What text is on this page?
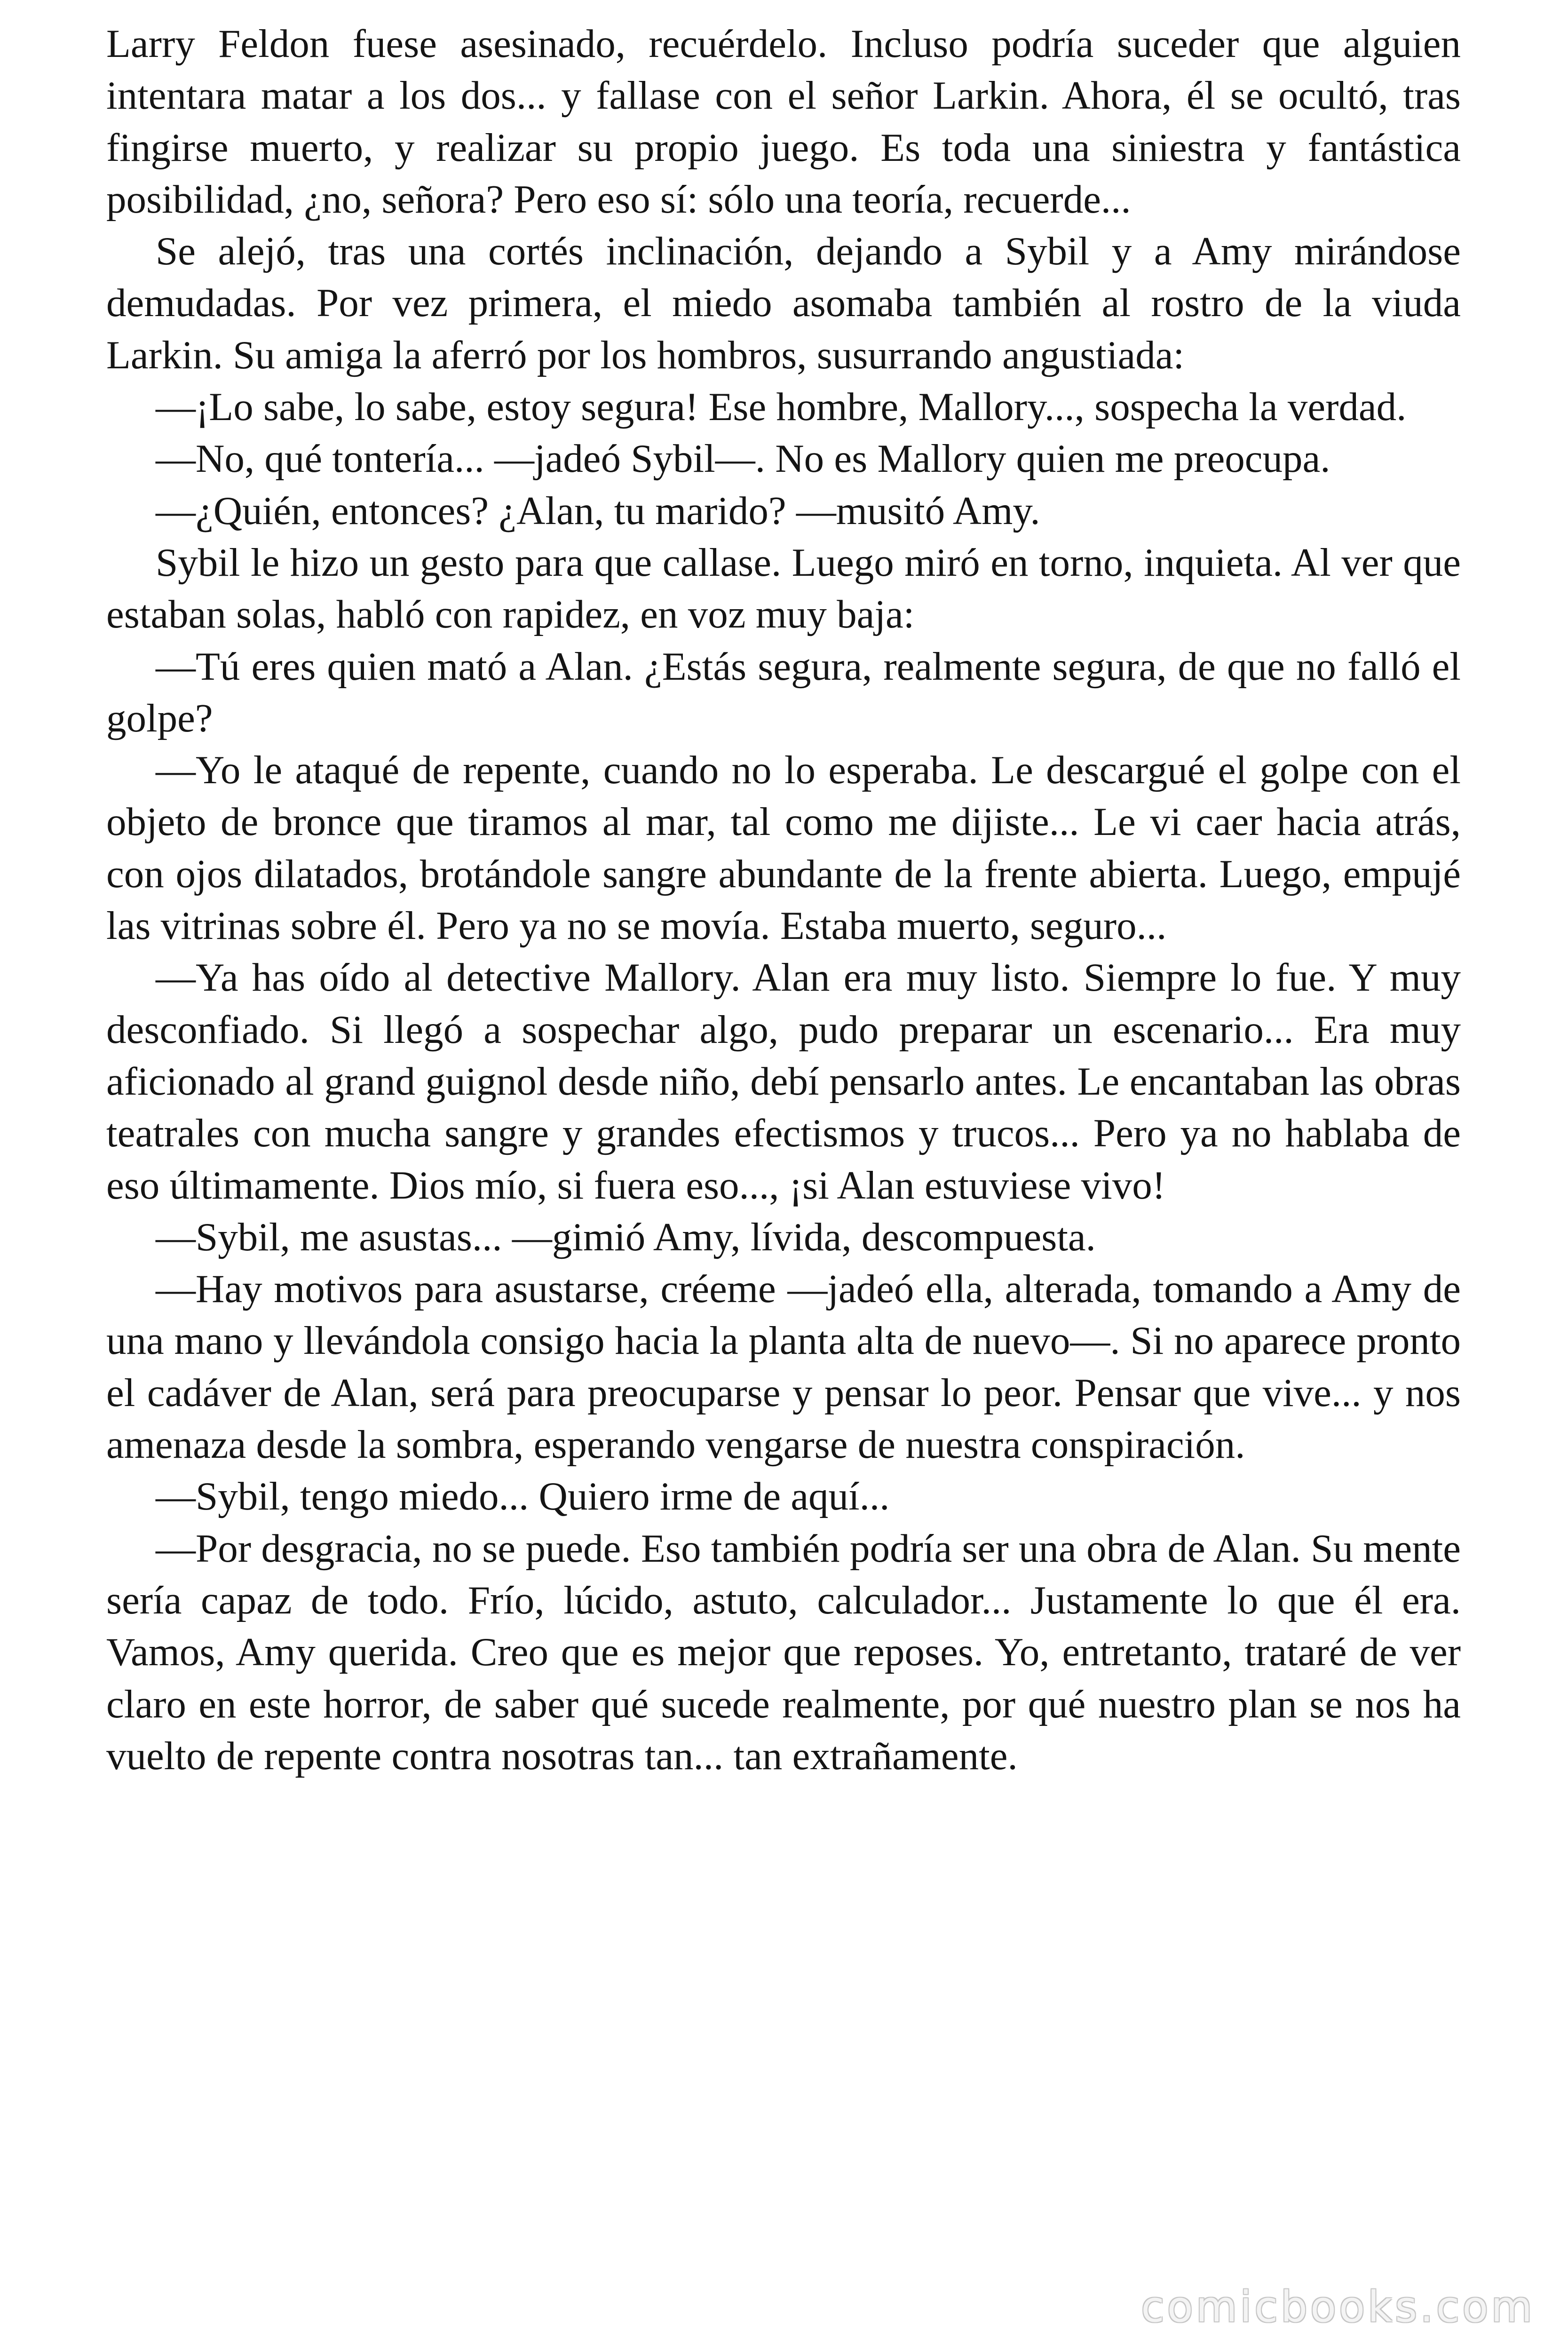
Larry Feldon fuese asesinado, recuérdelo. Incluso podría suceder que alguien intentara matar a los dos... y fallase con el señor Larkin. Ahora, él se ocultó, tras fingirse muerto, y realizar su propio juego. Es toda una siniestra y fantástica posibilidad, ¿no, señora? Pero eso sí: sólo una teoría, recuerde...

Se alejó, tras una cortés inclinación, dejando a Sybil y a Amy mirándose demudadas. Por vez primera, el miedo asomaba también al rostro de la viuda Larkin. Su amiga la aferró por los hombros, susurrando angustiada:

—¡Lo sabe, lo sabe, estoy segura! Ese hombre, Mallory..., sospecha la verdad.

—No, qué tontería... —jadeó Sybil—. No es Mallory quien me preocupa.

—¿Quién, entonces? ¿Alan, tu marido? —musitó Amy.

Sybil le hizo un gesto para que callase. Luego miró en torno, inquieta. Al ver que estaban solas, habló con rapidez, en voz muy baja:

—Tú eres quien mató a Alan. ¿Estás segura, realmente segura, de que no falló el golpe?

—Yo le ataqué de repente, cuando no lo esperaba. Le descargué el golpe con el objeto de bronce que tiramos al mar, tal como me dijiste... Le vi caer hacia atrás, con ojos dilatados, brotándole sangre abundante de la frente abierta. Luego, empujé las vitrinas sobre él. Pero ya no se movía. Estaba muerto, seguro...

—Ya has oído al detective Mallory. Alan era muy listo. Siempre lo fue. Y muy desconfiado. Si llegó a sospechar algo, pudo preparar un escenario... Era muy aficionado al grand guignol desde niño, debí pensarlo antes. Le encantaban las obras teatrales con mucha sangre y grandes efectismos y trucos... Pero ya no hablaba de eso últimamente. Dios mío, si fuera eso..., ¡si Alan estuviese vivo!

—Sybil, me asustas... —gimió Amy, lívida, descompuesta.

—Hay motivos para asustarse, créeme —jadeó ella, alterada, tomando a Amy de una mano y llevándola consigo hacia la planta alta de nuevo—. Si no aparece pronto el cadáver de Alan, será para preocuparse y pensar lo peor. Pensar que vive... y nos amenaza desde la sombra, esperando vengarse de nuestra conspiración.

—Sybil, tengo miedo... Quiero irme de aquí...

—Por desgracia, no se puede. Eso también podría ser una obra de Alan. Su mente sería capaz de todo. Frío, lúcido, astuto, calculador... Justamente lo que él era. Vamos, Amy querida. Creo que es mejor que reposes. Yo, entretanto, trataré de ver claro en este horror, de saber qué sucede realmente, por qué nuestro plan se nos ha vuelto de repente contra nosotras tan... tan extrañamente.

comicbooks.com
